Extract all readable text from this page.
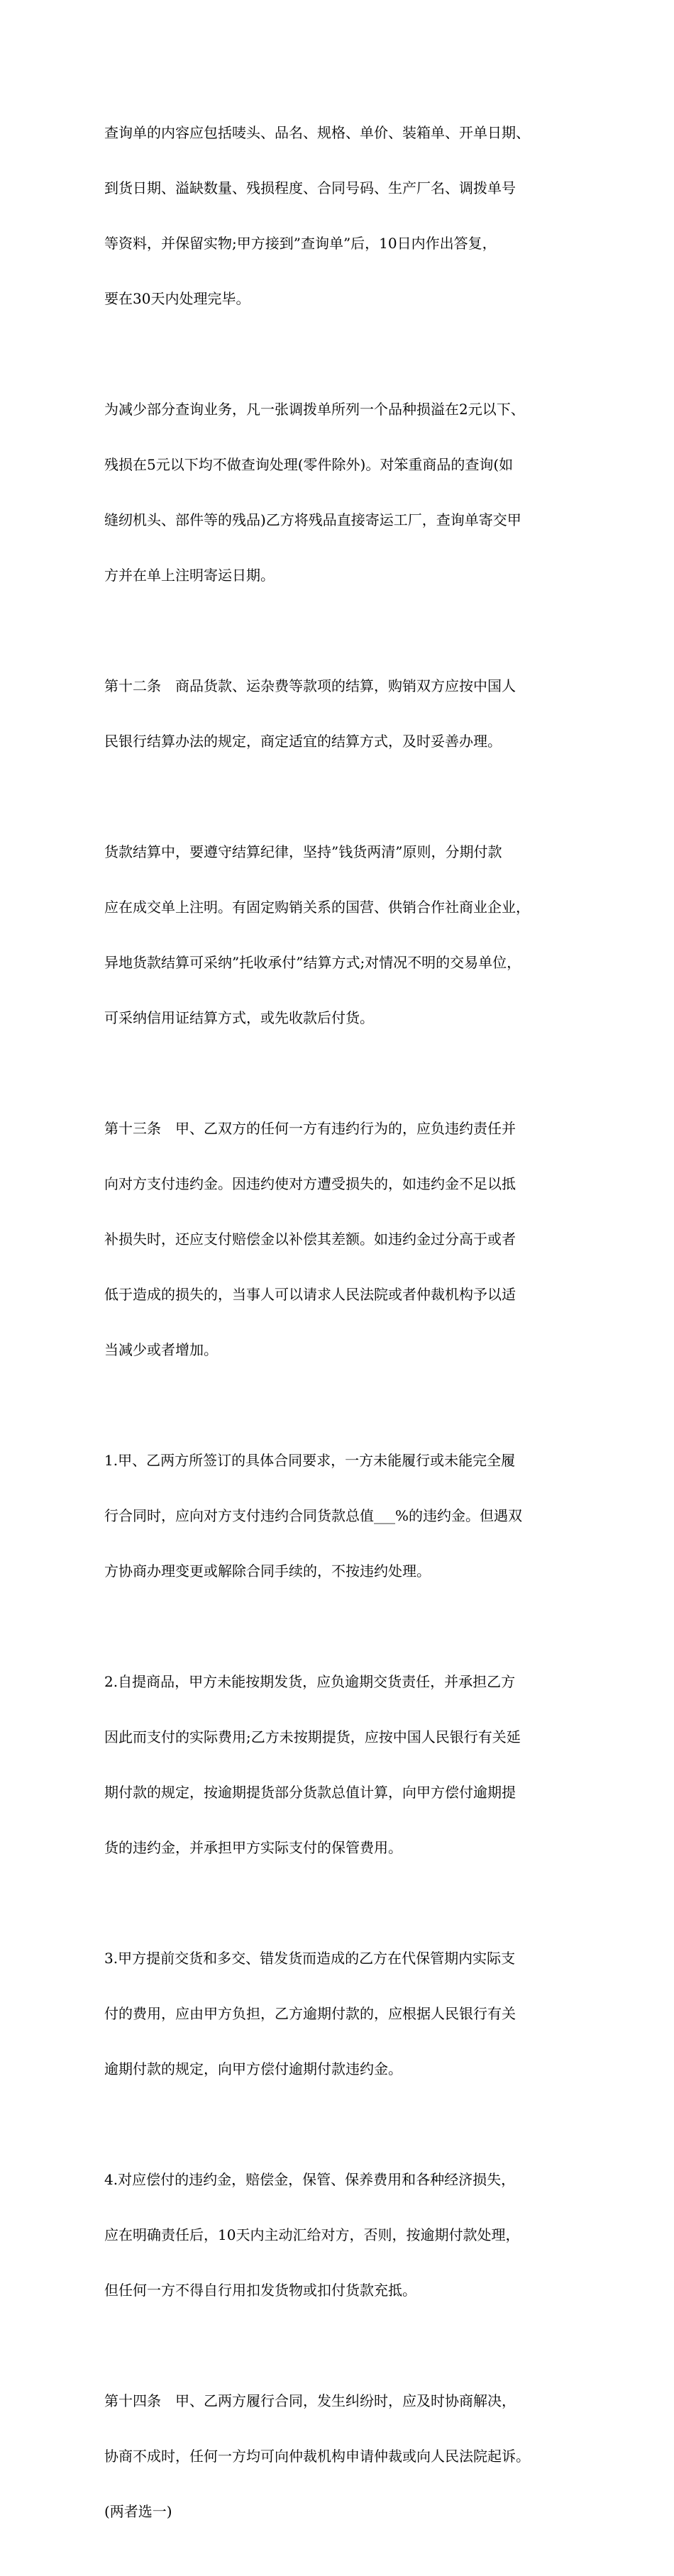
查询单的内容应包括唛头、品名、规格、单价、装箱单、开单日期、

到货日期、溢缺数量、残损程度、合同号码、生产厂名、调拨单号

等资料，并保留实物;甲方接到”查询单”后，10日内作出答复，

要在30天内处理完毕。

为减少部分查询业务，凡一张调拨单所列一个品种损溢在2元以下、

残损在5元以下均不做查询处理(零件除外)。对笨重商品的查询(如

缝纫机头、部件等的残品)乙方将残品直接寄运工厂，查询单寄交甲

方并在单上注明寄运日期。

第十二条　商品货款、运杂费等款项的结算，购销双方应按中国人

民银行结算办法的规定，商定适宜的结算方式，及时妥善办理。

货款结算中，要遵守结算纪律，坚持”钱货两清”原则，分期付款

应在成交单上注明。有固定购销关系的国营、供销合作社商业企业，

异地货款结算可采纳”托收承付”结算方式;对情况不明的交易单位，

可采纳信用证结算方式，或先收款后付货。

第十三条　甲、乙双方的任何一方有违约行为的，应负违约责任并

向对方支付违约金。因违约使对方遭受损失的，如违约金不足以抵

补损失时，还应支付赔偿金以补偿其差额。如违约金过分高于或者

低于造成的损失的，当事人可以请求人民法院或者仲裁机构予以适

当减少或者增加。

1.甲、乙两方所签订的具体合同要求，一方未能履行或未能完全履

行合同时，应向对方支付违约合同货款总值___%的违约金。但遇双

方协商办理变更或解除合同手续的，不按违约处理。

2.自提商品，甲方未能按期发货，应负逾期交货责任，并承担乙方

因此而支付的实际费用;乙方未按期提货，应按中国人民银行有关延

期付款的规定，按逾期提货部分货款总值计算，向甲方偿付逾期提

货的违约金，并承担甲方实际支付的保管费用。

3.甲方提前交货和多交、错发货而造成的乙方在代保管期内实际支

付的费用，应由甲方负担，乙方逾期付款的，应根据人民银行有关

逾期付款的规定，向甲方偿付逾期付款违约金。

4.对应偿付的违约金，赔偿金，保管、保养费用和各种经济损失，

应在明确责任后，10天内主动汇给对方，否则，按逾期付款处理，

但任何一方不得自行用扣发货物或扣付货款充抵。

第十四条　甲、乙两方履行合同，发生纠纷时，应及时协商解决，

协商不成时，任何一方均可向仲裁机构申请仲裁或向人民法院起诉。

(两者选一)
